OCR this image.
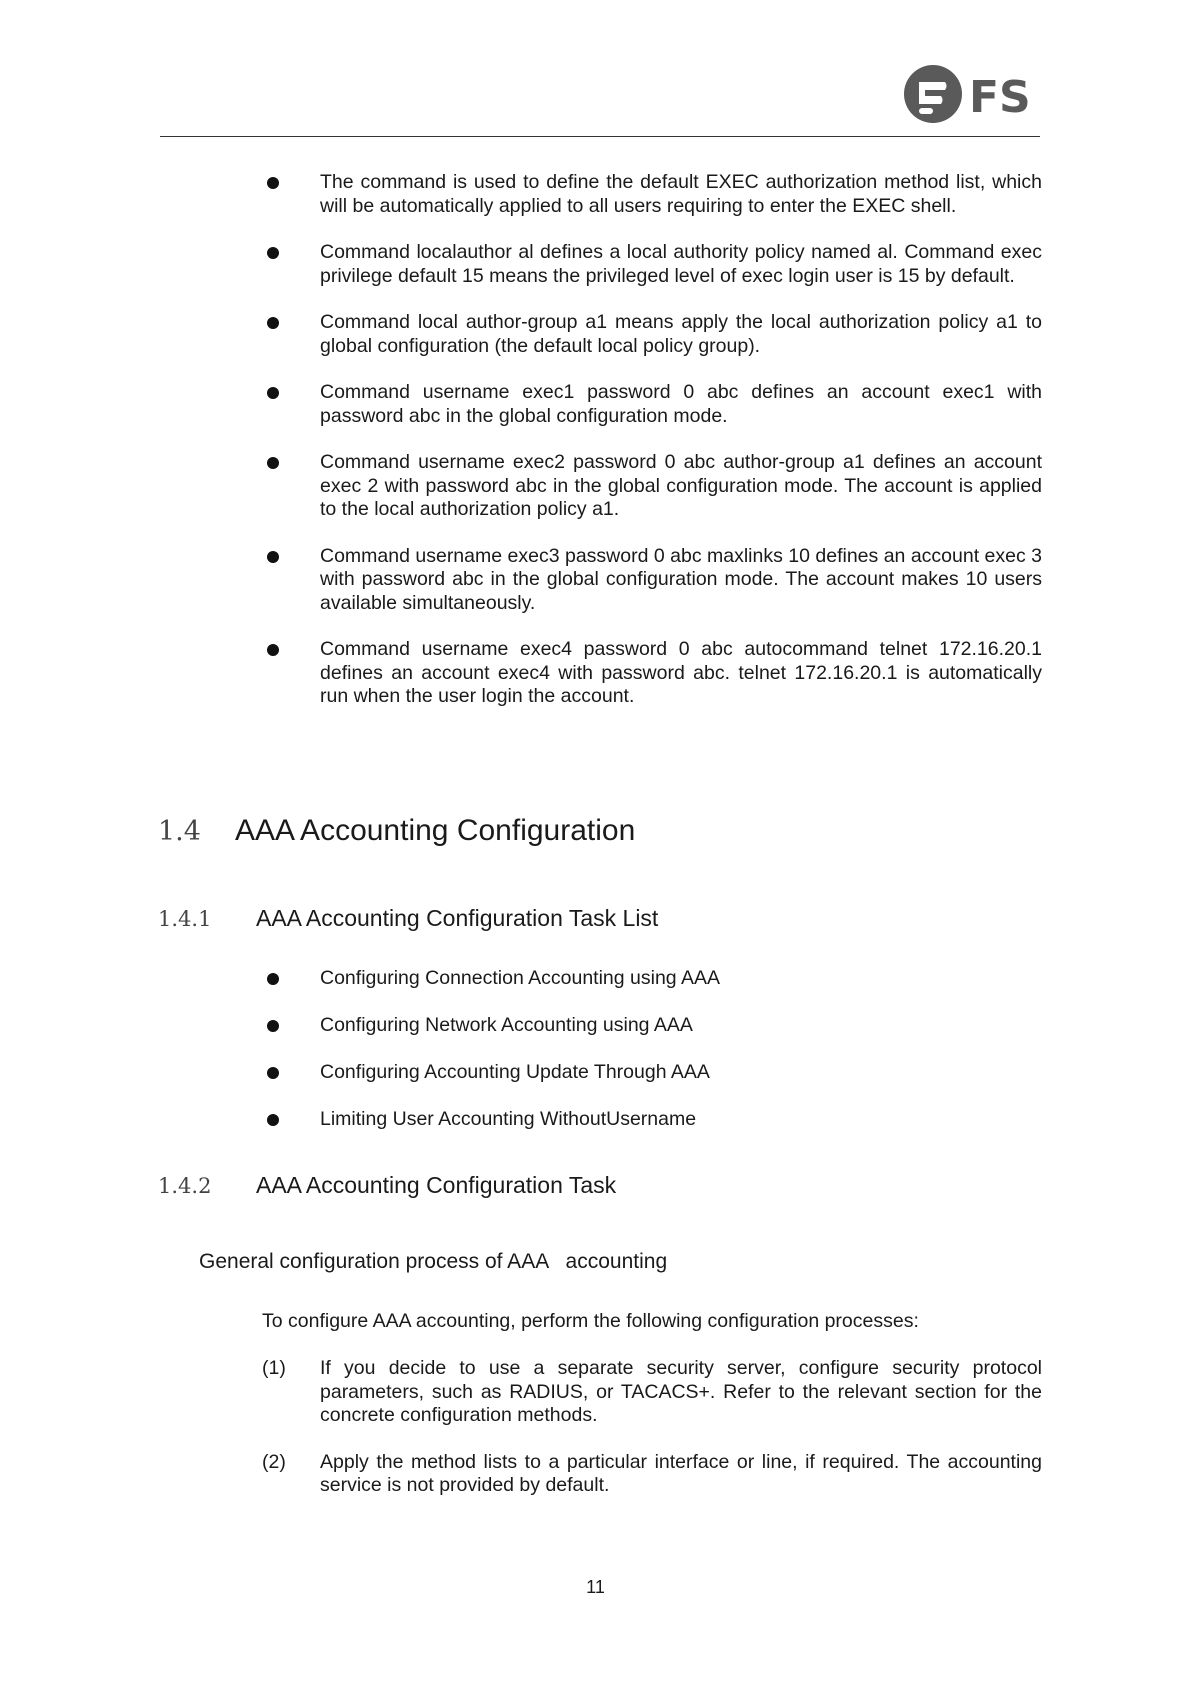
FS
The command is used to define the default EXEC authorization method list, which will be automatically applied to all users requiring to enter the EXEC shell.
Command localauthor al defines a local authority policy named al. Command exec privilege default 15 means the privileged level of exec login user is 15 by default.
Command local author-group a1 means apply the local authorization policy a1 to global configuration (the default local policy group).
Command username exec1 password 0 abc defines an account exec1 with password abc in the global configuration mode.
Command username exec2 password 0 abc author-group a1 defines an account exec 2 with password abc in the global configuration mode. The account is applied to the local authorization policy a1.
Command username exec3 password 0 abc maxlinks 10 defines an account exec 3 with password abc in the global configuration mode. The account makes 10 users available simultaneously.
Command username exec4 password 0 abc autocommand telnet 172.16.20.1 defines an account exec4 with password abc. telnet 172.16.20.1 is automatically run when the user login the account.
1.4 AAA Accounting Configuration
1.4.1 AAA Accounting Configuration Task List
Configuring Connection Accounting using AAA
Configuring Network Accounting using AAA
Configuring Accounting Update Through AAA
Limiting User Accounting WithoutUsername
1.4.2 AAA Accounting Configuration Task
General configuration process of AAA   accounting
To configure AAA accounting, perform the following configuration processes:
(1) If you decide to use a separate security server, configure security protocol parameters, such as RADIUS, or TACACS+. Refer to the relevant section for the concrete configuration methods.
(2) Apply the method lists to a particular interface or line, if required. The accounting service is not provided by default.
11
